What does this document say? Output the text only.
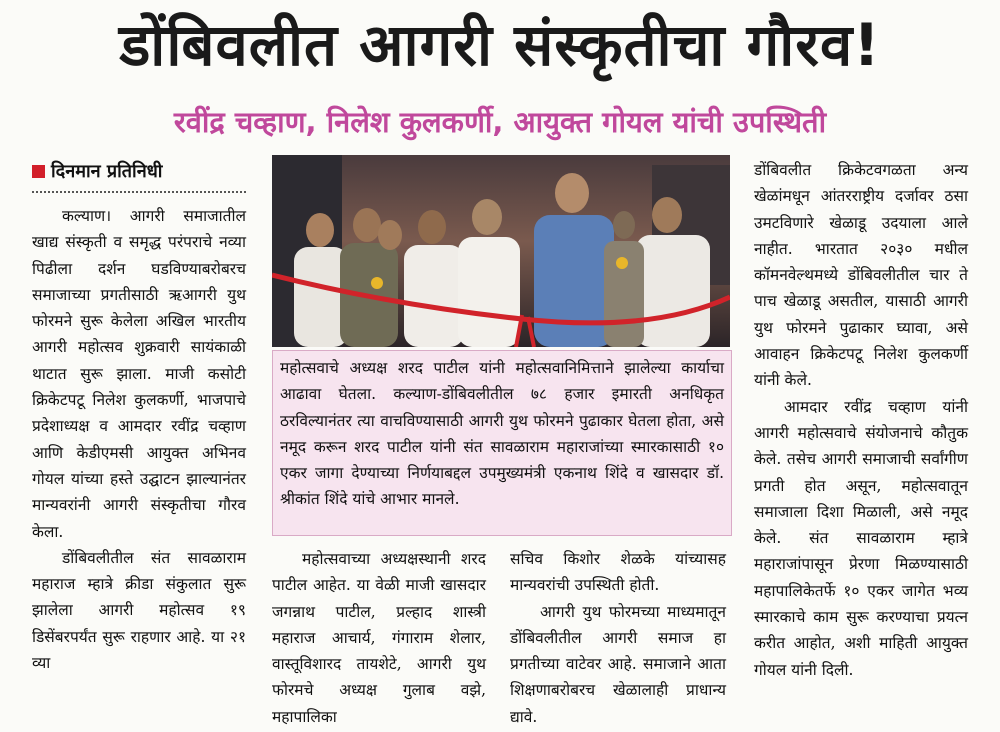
डोंबिवलीत आगरी संस्कृतीचा गौरव!
रवींद्र चव्हाण, निलेश कुलकर्णी, आयुक्त गोयल यांची उपस्थिती
दिनमान प्रतिनिधी

कल्याण। आगरी समाजातील खाद्य संस्कृती व समृद्ध परंपराचे नव्या पिढीला दर्शन घडविण्याबरोबरच समाजाच्या प्रगतीसाठी ऋआगरी युथ फोरमने सुरू केलेला अखिल भारतीय आगरी महोत्सव शुक्रवारी सायंकाळी थाटात सुरू झाला. माजी कसोटी क्रिकेटपटू निलेश कुलकर्णी, भाजपाचे प्रदेशाध्यक्ष व आमदार रवींद्र चव्हाण आणि केडीएमसी आयुक्त अभिनव गोयल यांच्या हस्ते उद्घाटन झाल्यानंतर मान्यवरांनी आगरी संस्कृतीचा गौरव केला.

डोंबिवलीतील संत सावळाराम महाराज म्हात्रे क्रीडा संकुलात सुरू झालेला आगरी महोत्सव १९ डिसेंबरपर्यंत सुरू राहणार आहे. या २१ व्या

महोत्सवाचे अध्यक्ष शरद पाटील यांनी महोत्सवानिमित्ताने झालेल्या कार्याचा आढावा घेतला. कल्याण-डोंबिवलीतील ७८ हजार इमारती अनधिकृत ठरविल्यानंतर त्या वाचविण्यासाठी आगरी युथ फोरमने पुढाकार घेतला होता, असे नमूद करून शरद पाटील यांनी संत सावळाराम महाराजांच्या स्मारकासाठी १० एकर जागा देण्याच्या निर्णयाबद्दल उपमुख्यमंत्री एकनाथ शिंदे व खासदार डॉ. श्रीकांत शिंदे यांचे आभार मानले.

महोत्सवाच्या अध्यक्षस्थानी शरद पाटील आहेत. या वेळी माजी खासदार जगन्नाथ पाटील, प्रल्हाद शास्त्री महाराज आचार्य, गंगाराम शेलार, वास्तूविशारद तायशेटे, आगरी युथ फोरमचे अध्यक्ष गुलाब वझे, महापालिका

सचिव किशोर शेळके यांच्यासह मान्यवरांची उपस्थिती होती.

आगरी युथ फोरमच्या माध्यमातून डोंबिवलीतील आगरी समाज हा प्रगतीच्या वाटेवर आहे. समाजाने आता शिक्षणाबरोबरच खेळालाही प्राधान्य द्यावे.

डोंबिवलीत क्रिकेटवगळता अन्य खेळांमधून आंतरराष्ट्रीय दर्जावर ठसा उमटविणारे खेळाडू उदयाला आले नाहीत. भारतात २०३० मधील कॉमनवेल्थमध्ये डोंबिवलीतील चार ते पाच खेळाडू असतील, यासाठी आगरी युथ फोरमने पुढाकार घ्यावा, असे आवाहन क्रिकेटपटू निलेश कुलकर्णी यांनी केले.

आमदार रवींद्र चव्हाण यांनी आगरी महोत्सवाचे संयोजनाचे कौतुक केले. तसेच आगरी समाजाची सर्वांगीण प्रगती होत असून, महोत्सवातून समाजाला दिशा मिळाली, असे नमूद केले. संत सावळाराम म्हात्रे महाराजांपासून प्रेरणा मिळण्यासाठी महापालिकेतर्फे १० एकर जागेत भव्य स्मारकाचे काम सुरू करण्याचा प्रयत्न करीत आहोत, अशी माहिती आयुक्त गोयल यांनी दिली.
